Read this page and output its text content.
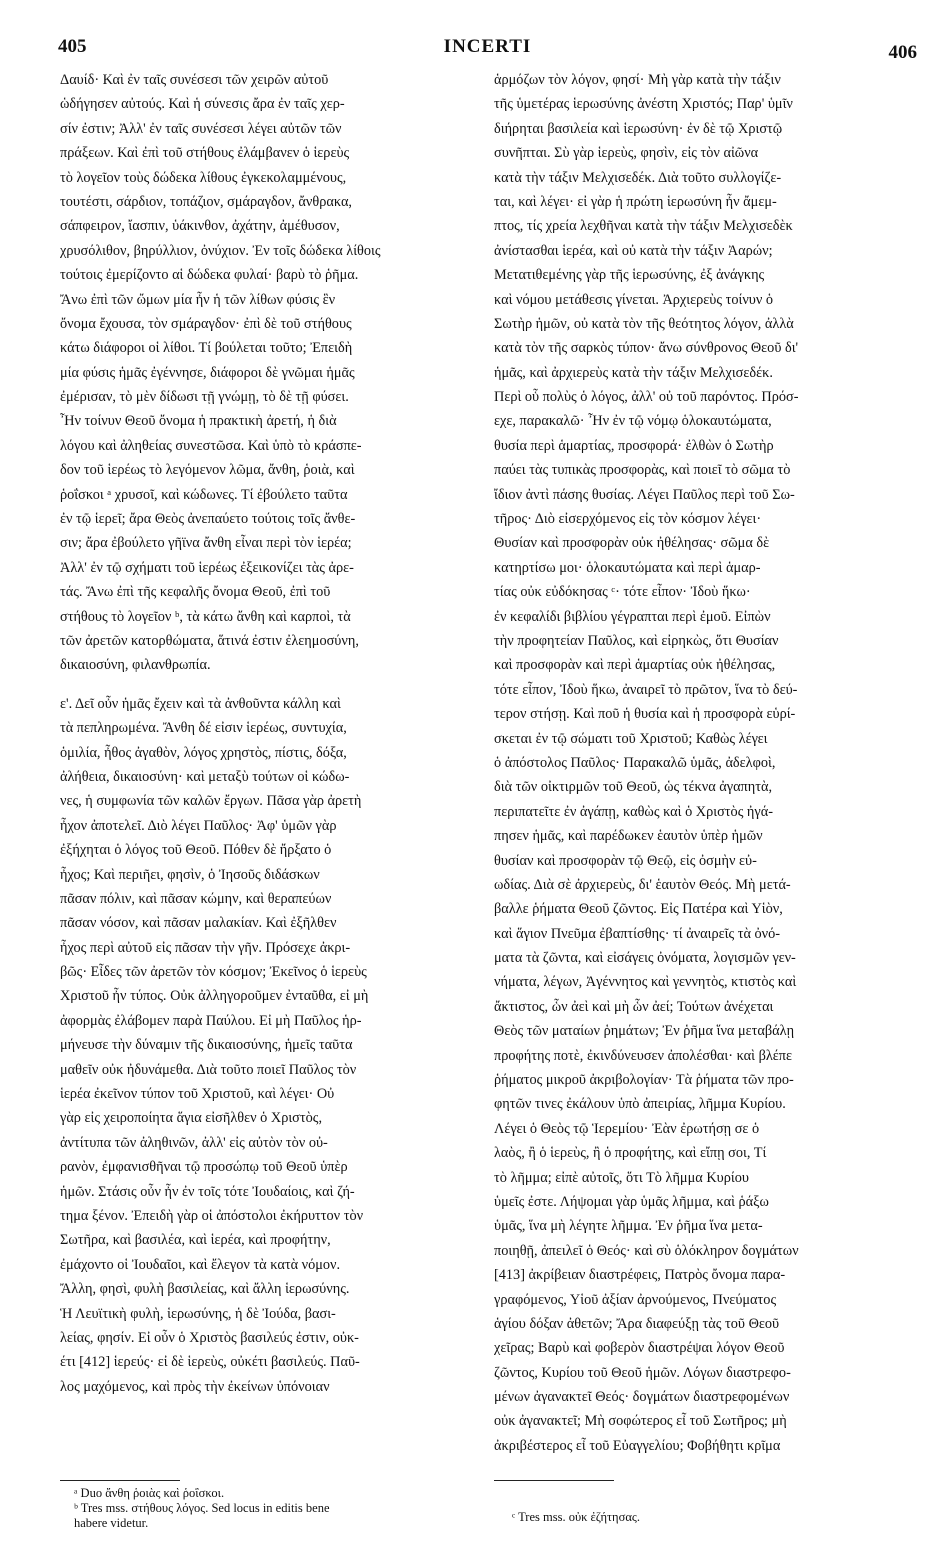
405	INCERTI	406
Δαυίδ· Καὶ ἐν ταῖς συνέσεσι τῶν χειρῶν αὐτοῦ
ὡδήγησεν αὐτούς. Καὶ ἡ σύνεσις ἄρα ἐν ταῖς χερ-
σίν ἐστιν; Ἀλλ' ἐν ταῖς συνέσεσι λέγει αὐτῶν τῶν
πράξεων. Καὶ ἐπὶ τοῦ στήθους ἐλάμβανεν ὁ ἱερεὺς
τὸ λογεῖον τοὺς δώδεκα λίθους ἐγκεκολαμμένους,
τουτέστι, σάρδιον, τοπάζιον, σμάραγδον, ἄνθρακα,
σάπφειρον, ἴασπιν, ὑάκινθον, ἀχάτην, ἀμέθυσον,
χρυσόλιθον, βηρύλλιον, ὀνύχιον. Ἐν τοῖς δώδεκα λίθοις
τούτοις ἐμερίζοντο αἱ δώδεκα φυλαί· βαρὺ τὸ ῥῆμα.
Ἄνω ἐπὶ τῶν ὤμων μία ἦν ἡ τῶν λίθων φύσις ἓν
ὄνομα ἔχουσα, τὸν σμάραγδον· ἐπὶ δὲ τοῦ στήθους
κάτω διάφοροι οἱ λίθοι. Τί βούλεται τοῦτο; Ἐπειδὴ
μία φύσις ἡμᾶς ἐγέννησε, διάφοροι δὲ γνῶμαι ἡμᾶς
ἐμέρισαν, τὸ μὲν δίδωσι τῇ γνώμῃ, τὸ δὲ τῇ φύσει.
Ἦν τοίνυν Θεοῦ ὄνομα ἡ πρακτικὴ ἀρετή, ἡ διὰ
λόγου καὶ ἀληθείας συνεστῶσα. Καὶ ὑπὸ τὸ κράσπε-
δον τοῦ ἱερέως τὸ λεγόμενον λῶμα, ἄνθη, ῥοιὰ, καὶ
ῥοΐσκοι ᵃ χρυσοῖ, καὶ κώδωνες. Τί ἐβούλετο ταῦτα
ἐν τῷ ἱερεῖ; ἄρα Θεὸς ἀνεπαύετο τούτοις τοῖς ἄνθε-
σιν; ἄρα ἐβούλετο γῆϊνα ἄνθη εἶναι περὶ τὸν ἱερέα;
Ἀλλ' ἐν τῷ σχήματι τοῦ ἱερέως ἐξεικονίζει τὰς ἀρε-
τάς. Ἄνω ἐπὶ τῆς κεφαλῆς ὄνομα Θεοῦ, ἐπὶ τοῦ
στήθους τὸ λογεῖον ᵇ, τὰ κάτω ἄνθη καὶ καρποὶ, τὰ
τῶν ἀρετῶν κατορθώματα, ἅτινά ἐστιν ἐλεημοσύνη,
δικαιοσύνη, φιλανθρωπία.
ε'. Δεῖ οὖν ἡμᾶς ἔχειν καὶ τὰ ἀνθοῦντα κάλλη καὶ
τὰ πεπληρωμένα. Ἄνθη δέ εἰσιν ἱερέως, συντυχία,
ὁμιλία, ἦθος ἀγαθὸν, λόγος χρηστὸς, πίστις, δόξα,
ἀλήθεια, δικαιοσύνη· καὶ μεταξὺ τούτων οἱ κώδω-
νες, ἡ συμφωνία τῶν καλῶν ἔργων. Πᾶσα γὰρ ἀρετὴ
ἦχον ἀποτελεῖ. Διὸ λέγει Παῦλος· Ἀφ' ὑμῶν γὰρ
ἐξήχηται ὁ λόγος τοῦ Θεοῦ. Πόθεν δὲ ἤρξατο ὁ
ἦχος; Καὶ περιῆει, φησὶν, ὁ Ἰησοῦς διδάσκων
πᾶσαν πόλιν, καὶ πᾶσαν κώμην, καὶ θεραπεύων
πᾶσαν νόσον, καὶ πᾶσαν μαλακίαν. Καὶ ἐξῆλθεν
ἦχος περὶ αὐτοῦ εἰς πᾶσαν τὴν γῆν. Πρόσεχε ἀκρι-
βῶς· Εἶδες τῶν ἀρετῶν τὸν κόσμον; Ἐκεῖνος ὁ ἱερεὺς
Χριστοῦ ἦν τύπος. Οὐκ ἀλληγοροῦμεν ἐνταῦθα, εἰ μὴ
ἀφορμὰς ἐλάβομεν παρὰ Παύλου. Εἰ μὴ Παῦλος ἡρ-
μήνευσε τὴν δύναμιν τῆς δικαιοσύνης, ἡμεῖς ταῦτα
μαθεῖν οὐκ ἠδυνάμεθα. Διὰ τοῦτο ποιεῖ Παῦλος τὸν
ἱερέα ἐκεῖνον τύπον τοῦ Χριστοῦ, καὶ λέγει· Οὐ
γὰρ εἰς χειροποίητα ἅγια εἰσῆλθεν ὁ Χριστὸς,
ἀντίτυπα τῶν ἀληθινῶν, ἀλλ' εἰς αὐτὸν τὸν οὐ-
ρανὸν, ἐμφανισθῆναι τῷ προσώπῳ τοῦ Θεοῦ ὑπὲρ
ἡμῶν. Στάσις οὖν ἦν ἐν τοῖς τότε Ἰουδαίοις, καὶ ζή-
τημα ξένον. Ἐπειδὴ γὰρ οἱ ἀπόστολοι ἐκήρυττον τὸν
Σωτῆρα, καὶ βασιλέα, καὶ ἱερέα, καὶ προφήτην,
ἐμάχοντο οἱ Ἰουδαῖοι, καὶ ἔλεγον τὰ κατὰ νόμον.
Ἄλλη, φησὶ, φυλὴ βασιλείας, καὶ ἄλλη ἱερωσύνης.
Ἡ Λευϊτικὴ φυλὴ, ἱερωσύνης, ἡ δὲ Ἰούδα, βασι-
λείας, φησίν. Εἰ οὖν ὁ Χριστὸς βασιλεύς ἐστιν, οὐκ-
έτι [412] ἱερεύς· εἰ δὲ ἱερεὺς, οὐκέτι βασιλεύς. Παῦ-
λος μαχόμενος, καὶ πρὸς τὴν ἐκείνων ὑπόνοιαν
ἁρμόζων τὸν λόγον, φησί· Μὴ γὰρ κατὰ τὴν τάξιν
τῆς ὑμετέρας ἱερωσύνης ἀνέστη Χριστός; Παρ' ὑμῖν
διήρηται βασιλεία καὶ ἱερωσύνη· ἐν δὲ τῷ Χριστῷ
συνῆπται. Σὺ γὰρ ἱερεὺς, φησὶν, εἰς τὸν αἰῶνα
κατὰ τὴν τάξιν Μελχισεδέκ. Διὰ τοῦτο συλλογίζε-
ται, καὶ λέγει· εἰ γὰρ ἡ πρώτη ἱερωσύνη ἦν ἄμεμ-
πτος, τίς χρεία λεχθῆναι κατὰ τὴν τάξιν Μελχισεδὲκ
ἀνίστασθαι ἱερέα, καὶ οὐ κατὰ τὴν τάξιν Ἀαρών;
Μετατιθεμένης γὰρ τῆς ἱερωσύνης, ἐξ ἀνάγκης
καὶ νόμου μετάθεσις γίνεται. Ἀρχιερεὺς τοίνυν ὁ
Σωτὴρ ἡμῶν, οὐ κατὰ τὸν τῆς θεότητος λόγον, ἀλλὰ
κατὰ τὸν τῆς σαρκὸς τύπον· ἄνω σύνθρονος Θεοῦ δι'
ἡμᾶς, καὶ ἀρχιερεὺς κατὰ τὴν τάξιν Μελχισεδέκ.
Περὶ οὗ πολὺς ὁ λόγος, ἀλλ' οὐ τοῦ παρόντος. Πρόσ-
εχε, παρακαλῶ· Ἦν ἐν τῷ νόμῳ ὁλοκαυτώματα,
θυσία περὶ ἁμαρτίας, προσφορά· ἐλθὼν ὁ Σωτὴρ
παύει τὰς τυπικὰς προσφορὰς, καὶ ποιεῖ τὸ σῶμα τὸ
ἴδιον ἀντὶ πάσης θυσίας. Λέγει Παῦλος περὶ τοῦ Σω-
τῆρος· Διὸ εἰσερχόμενος εἰς τὸν κόσμον λέγει·
Θυσίαν καὶ προσφορὰν οὐκ ἠθέλησας· σῶμα δὲ
κατηρτίσω μοι· ὁλοκαυτώματα καὶ περὶ ἁμαρ-
τίας οὐκ εὐδόκησας ᶜ· τότε εἶπον· Ἰδοὺ ἥκω·
ἐν κεφαλίδι βιβλίου γέγραπται περὶ ἐμοῦ. Εἰπὼν
τὴν προφητείαν Παῦλος, καὶ εἰρηκὼς, ὅτι Θυσίαν
καὶ προσφορὰν καὶ περὶ ἁμαρτίας οὐκ ἠθέλησας,
τότε εἶπον, Ἰδοὺ ἥκω, ἀναιρεῖ τὸ πρῶτον, ἵνα τὸ δεύ-
τερον στήσῃ. Καὶ ποῦ ἡ θυσία καὶ ἡ προσφορὰ εὑρί-
σκεται ἐν τῷ σώματι τοῦ Χριστοῦ; Καθὼς λέγει
ὁ ἀπόστολος Παῦλος· Παρακαλῶ ὑμᾶς, ἀδελφοὶ,
διὰ τῶν οἰκτιρμῶν τοῦ Θεοῦ, ὡς τέκνα ἀγαπητὰ,
περιπατεῖτε ἐν ἀγάπῃ, καθὼς καὶ ὁ Χριστὸς ἠγά-
πησεν ἡμᾶς, καὶ παρέδωκεν ἑαυτὸν ὑπὲρ ἡμῶν
θυσίαν καὶ προσφορὰν τῷ Θεῷ, εἰς ὀσμὴν εὐ-
ωδίας. Διὰ σὲ ἀρχιερεὺς, δι' ἑαυτὸν Θεός. Μὴ μετά-
βαλλε ῥήματα Θεοῦ ζῶντος. Εἰς Πατέρα καὶ Υἱὸν,
καὶ ἅγιον Πνεῦμα ἐβαπτίσθης· τί ἀναιρεῖς τὰ ὀνό-
ματα τὰ ζῶντα, καὶ εἰσάγεις ὀνόματα, λογισμῶν γεν-
νήματα, λέγων, Ἀγέννητος καὶ γεννητὸς, κτιστὸς καὶ
ἄκτιστος, ὧν ἀεὶ καὶ μὴ ὧν ἀεί; Τούτων ἀνέχεται
Θεὸς τῶν ματαίων ῥημάτων; Ἐν ῥῆμα ἵνα μεταβάλῃ
προφήτης ποτὲ, ἐκινδύνευσεν ἀπολέσθαι· καὶ βλέπε
ῥήματος μικροῦ ἀκριβολογίαν· Τὰ ῥήματα τῶν προ-
φητῶν τινες ἐκάλουν ὑπὸ ἀπειρίας, λῆμμα Κυρίου.
Λέγει ὁ Θεὸς τῷ Ἱερεμίου· Ἐὰν ἐρωτήσῃ σε ὁ
λαὸς, ἢ ὁ ἱερεὺς, ἢ ὁ προφήτης, καὶ εἴπῃ σοι, Τί
τὸ λῆμμα; εἰπὲ αὐτοῖς, ὅτι Τὸ λῆμμα Κυρίου
ὑμεῖς ἐστε. Λήψομαι γὰρ ὑμᾶς λῆμμα, καὶ ῥάξω
ὑμᾶς, ἵνα μὴ λέγητε λῆμμα. Ἐν ῥῆμα ἵνα μετα-
ποιηθῇ, ἀπειλεῖ ὁ Θεός· καὶ σὺ ὁλόκληρον δογμάτων
[413] ἀκρίβειαν διαστρέφεις, Πατρὸς ὄνομα παρα-
γραφόμενος, Υἱοῦ ἀξίαν ἀρνούμενος, Πνεύματος
ἁγίου δόξαν ἀθετῶν; Ἄρα διαφεύξῃ τὰς τοῦ Θεοῦ
χεῖρας; Βαρὺ καὶ φοβερὸν διαστρέψαι λόγον Θεοῦ
ζῶντος, Κυρίου τοῦ Θεοῦ ἡμῶν. Λόγων διαστρεφο-
μένων ἀγανακτεῖ Θεός· δογμάτων διαστρεφομένων
οὐκ ἀγανακτεῖ; Μὴ σοφώτερος εἶ τοῦ Σωτῆρος; μὴ
ἀκριβέστερος εἶ τοῦ Εὐαγγελίου; Φοβήθητι κρῖμα
ᵃ Duo ἄνθη ῥοιὰς καὶ ῥοΐσκοι.
ᵇ Tres mss. στήθους λόγος. Sed locus in editis bene
habere videtur.	ᶜ Tres mss. οὐκ ἐζήτησας.
